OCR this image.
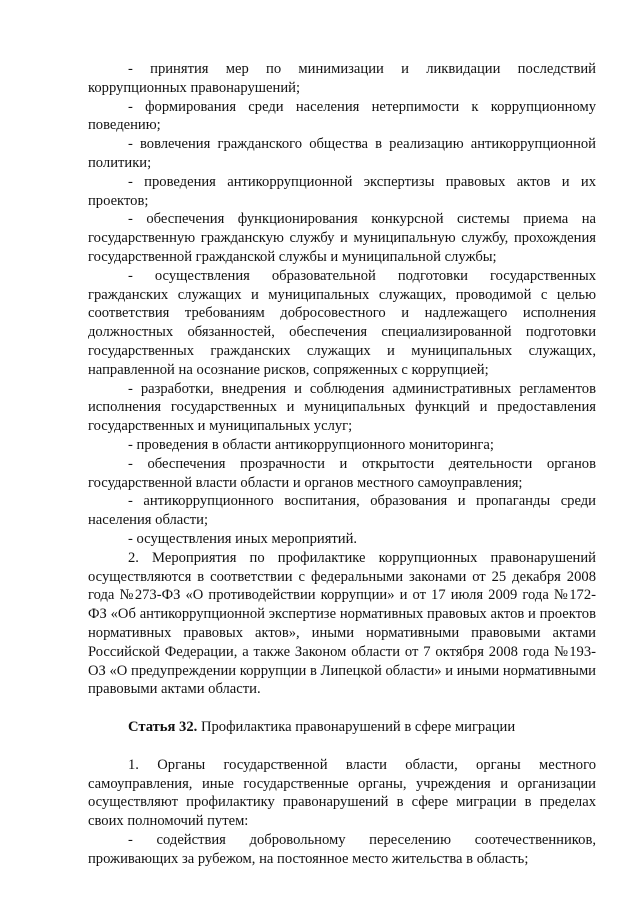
- принятия мер по минимизации и ликвидации последствий коррупционных правонарушений;

- формирования среди населения нетерпимости к коррупционному поведению;

- вовлечения гражданского общества в реализацию антикоррупционной политики;

- проведения антикоррупционной экспертизы правовых актов и их проектов;

- обеспечения функционирования конкурсной системы приема на государственную гражданскую службу и муниципальную службу, прохождения государственной гражданской службы и муниципальной службы;

- осуществления образовательной подготовки государственных гражданских служащих и муниципальных служащих, проводимой с целью соответствия требованиям добросовестного и надлежащего исполнения должностных обязанностей, обеспечения специализированной подготовки государственных гражданских служащих и муниципальных служащих, направленной на осознание рисков, сопряженных с коррупцией;

- разработки, внедрения и соблюдения административных регламентов исполнения государственных и муниципальных функций и предоставления государственных и муниципальных услуг;

- проведения в области антикоррупционного мониторинга;

- обеспечения прозрачности и открытости деятельности органов государственной власти области и органов местного самоуправления;

- антикоррупционного воспитания, образования и пропаганды среди населения области;

- осуществления иных мероприятий.

2. Мероприятия по профилактике коррупционных правонарушений осуществляются в соответствии с федеральными законами от 25 декабря 2008 года №273-ФЗ «О противодействии коррупции» и от 17 июля 2009 года №172-ФЗ «Об антикоррупционной экспертизе нормативных правовых актов и проектов нормативных правовых актов», иными нормативными правовыми актами Российской Федерации, а также Законом области от 7 октября 2008 года №193-ОЗ «О предупреждении коррупции в Липецкой области» и иными нормативными правовыми актами области.

Статья 32. Профилактика правонарушений в сфере миграции

1. Органы государственной власти области, органы местного самоуправления, иные государственные органы, учреждения и организации осуществляют профилактику правонарушений в сфере миграции в пределах своих полномочий путем:

- содействия добровольному переселению соотечественников, проживающих за рубежом, на постоянное место жительства в область;
